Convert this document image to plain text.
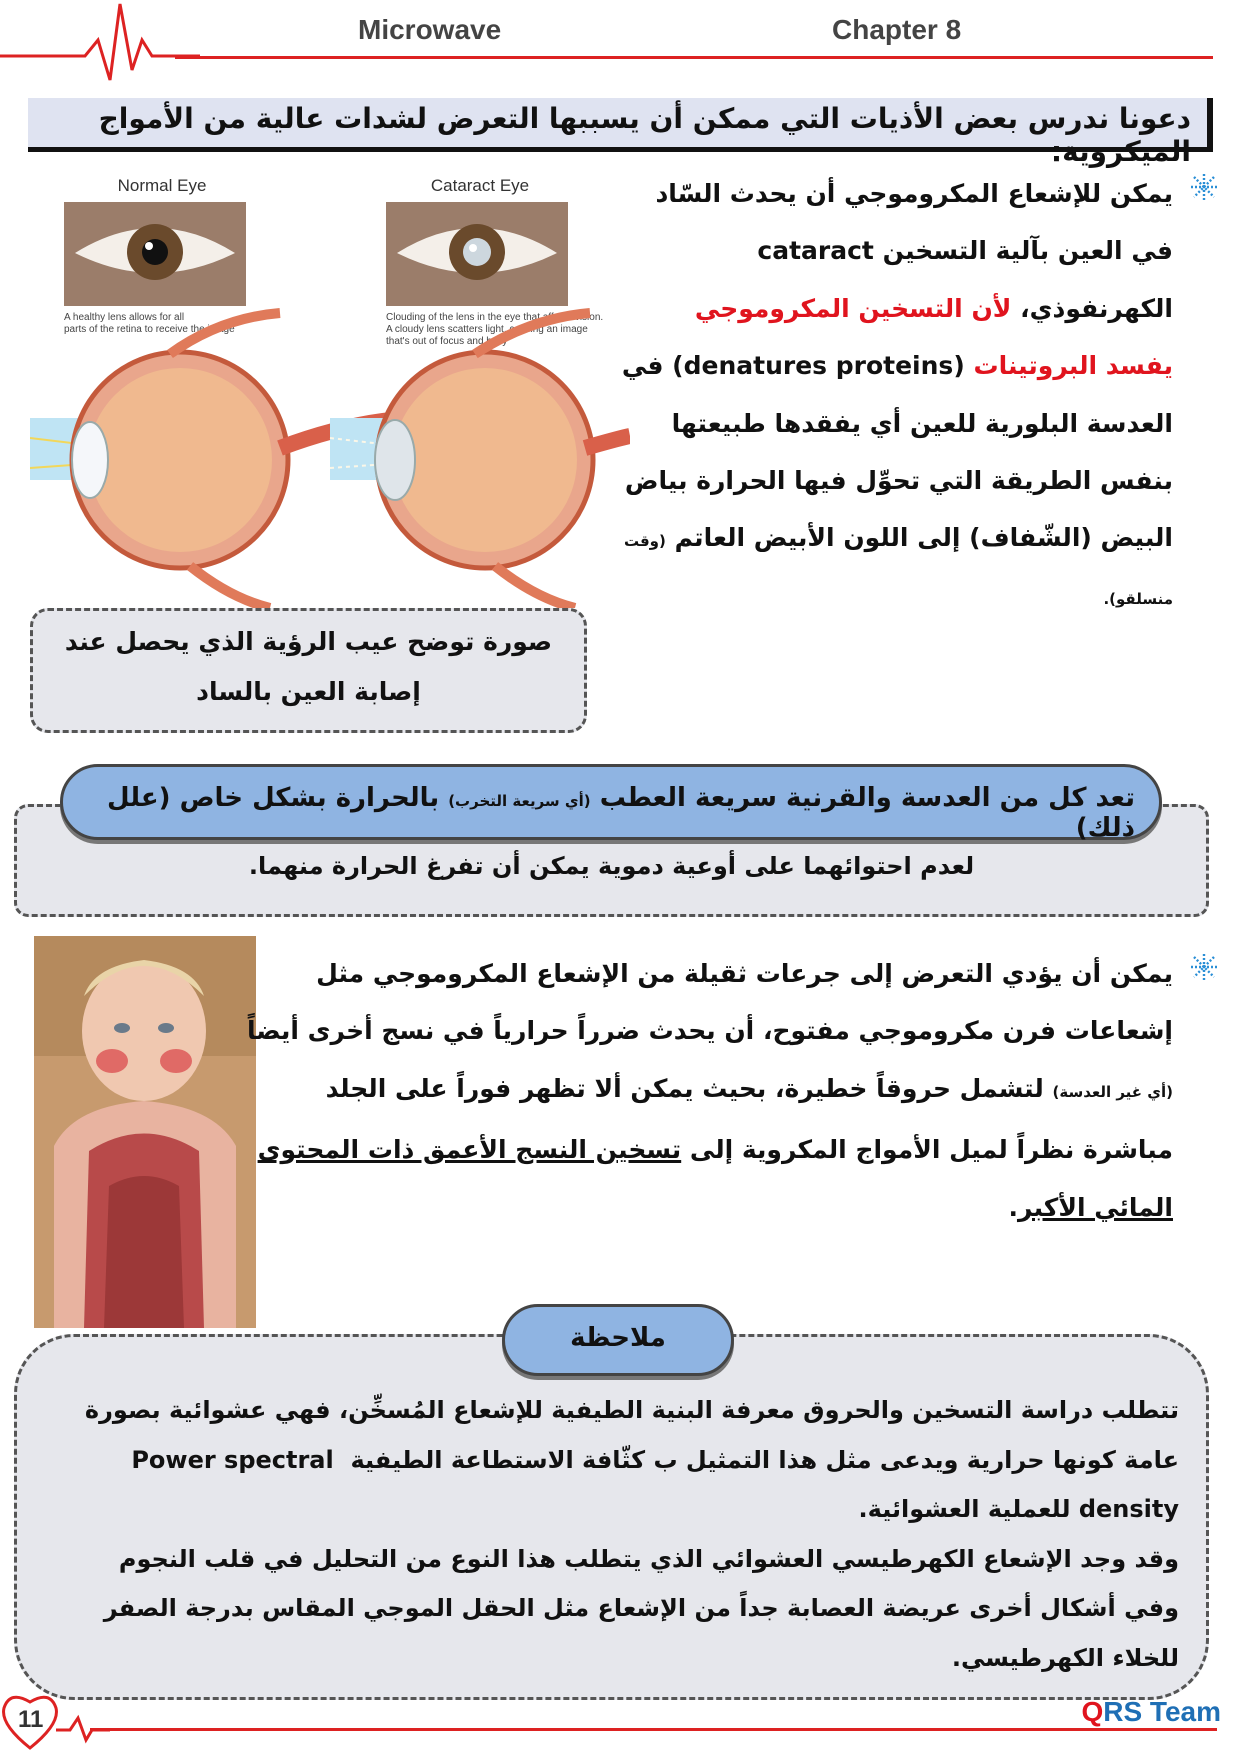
Microwave	Chapter 8
دعونا ندرس بعض الأذيات التي ممكن أن يسببها التعرض لشدات عالية من الأمواج الميكروية:
يمكن للإشعاع المكروموجي أن يحدث السّاد
في العين بآلية التسخين cataract
الكهرنفوذي، لأن التسخين المكروموجي
يفسد البروتينات (denatures proteins) في
العدسة البلورية للعين أي يفقدها طبيعتها
بنفس الطريقة التي تحوِّل فيها الحرارة بياض
البيض (الشّفاف) إلى اللون الأبيض العاتم (وقت
منسلقو).
Normal Eye	Cataract Eye
A healthy lens allows for all
parts of the retina to receive the image
Clouding of the lens in the eye that affects vision.
A cloudy lens scatters light, causing an image
that's out of focus and hazy
صورة توضح عيب الرؤية الذي يحصل عند
إصابة العين بالساد
تعد كل من العدسة والقرنية سريعة العطب (أي سريعة التخرب) بالحرارة بشكل خاص (علل ذلك)
لعدم احتوائهما على أوعية دموية يمكن أن تفرغ الحرارة منهما.
يمكن أن يؤدي التعرض إلى جرعات ثقيلة من الإشعاع المكروموجي مثل
إشعاعات فرن مكروموجي مفتوح، أن يحدث ضرراً حرارياً في نسج أخرى أيضاً
(أي غير العدسة) لتشمل حروقاً خطيرة، بحيث يمكن ألا تظهر فوراً على الجلد
مباشرة نظراً لميل الأمواج المكروية إلى تسخين النسج الأعمق ذات المحتوى
المائي الأكبر.
ملاحظة
تتطلب دراسة التسخين والحروق معرفة البنية الطيفية للإشعاع المُسخِّن، فهي عشوائية بصورة
عامة كونها حرارية ويدعى مثل هذا التمثيل ب كثّافة الاستطاعة الطيفية  Power spectral
density للعملية العشوائية.
وقد وجد الإشعاع الكهرطيسي العشوائي الذي يتطلب هذا النوع من التحليل في قلب النجوم
وفي أشكال أخرى عريضة العصابة جداً من الإشعاع مثل الحقل الموجي المقاس بدرجة الصفر
للخلاء الكهرطيسي.
11	QRS Team
